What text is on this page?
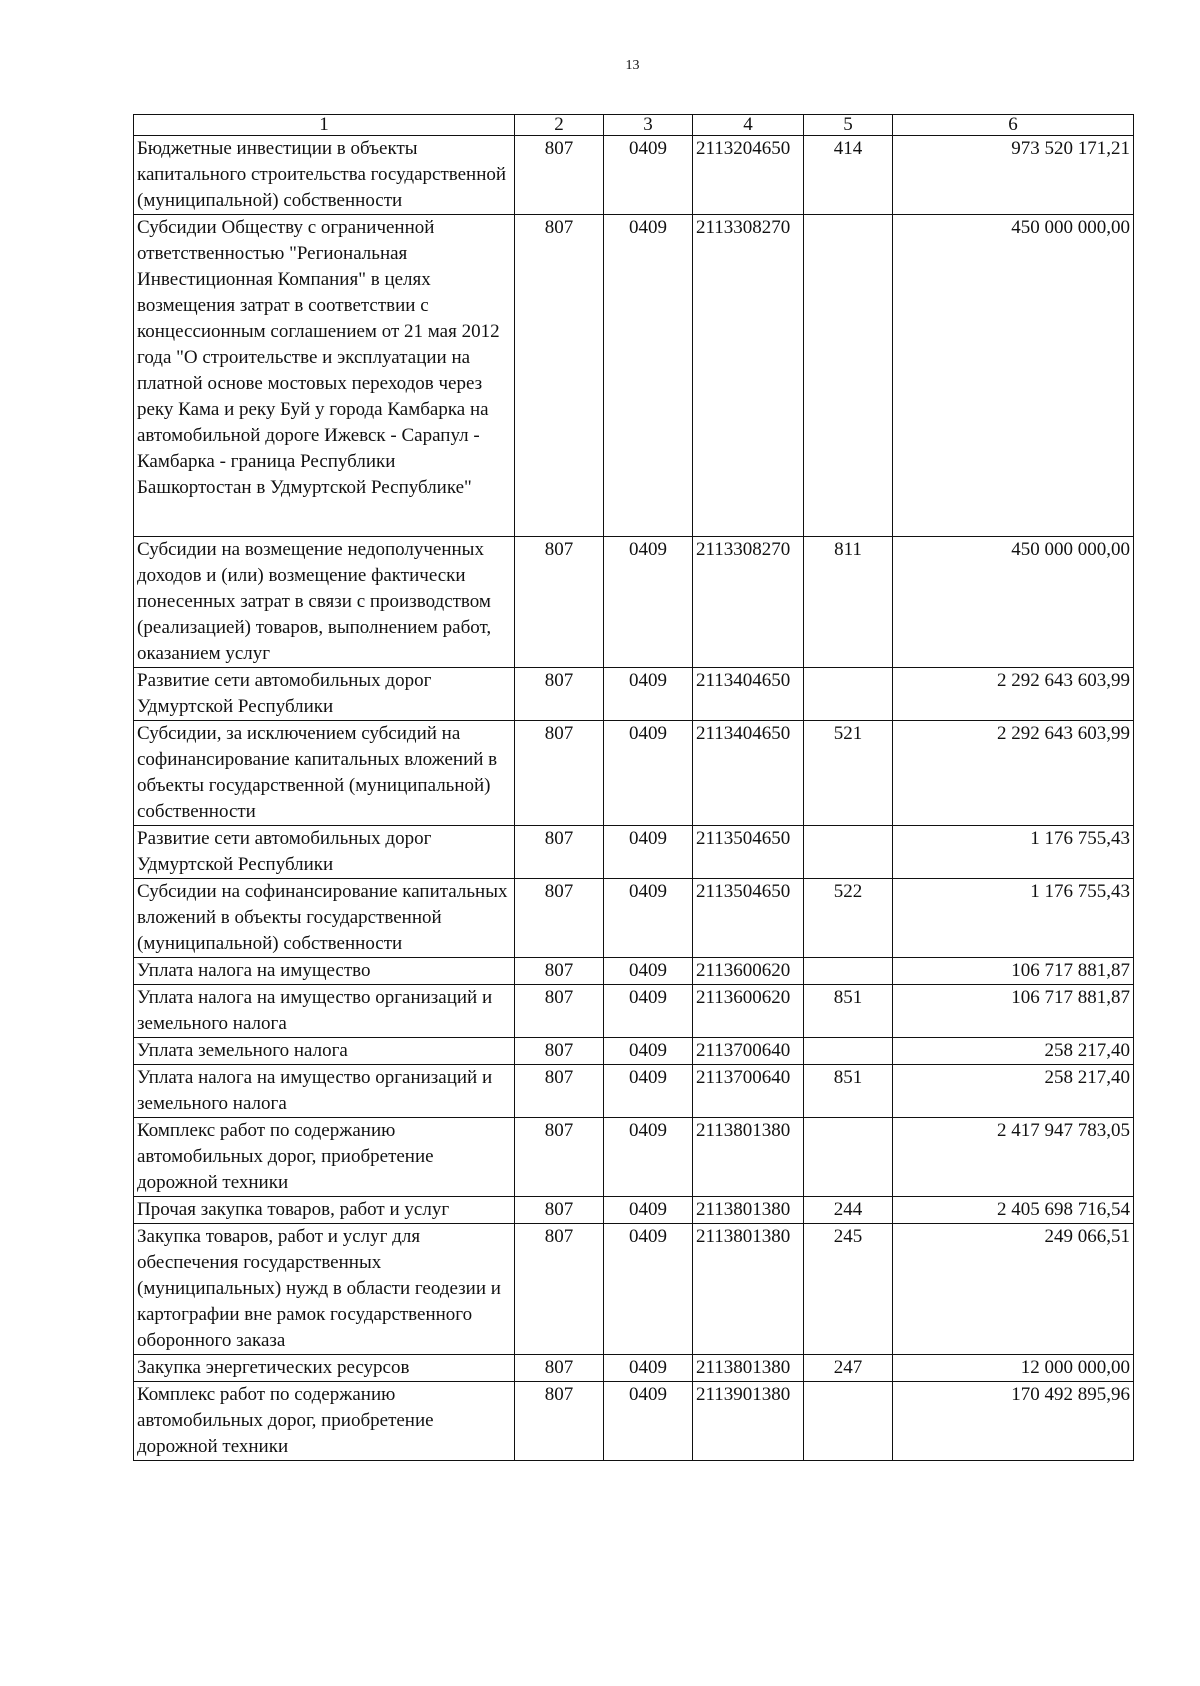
13
1	2	3	4	5	6
Бюджетные инвестиции в объекты капитального строительства государственной (муниципальной) собственности	807	0409	2113204650	414	973 520 171,21
Субсидии Обществу с ограниченной ответственностью "Региональная Инвестиционная Компания" в целях возмещения затрат в соответствии с концессионным соглашением от 21 мая 2012 года "О строительстве и эксплуатации на платной основе мостовых переходов через реку Кама и реку Буй у города Камбарка на автомобильной дороге Ижевск - Сарапул - Камбарка - граница Республики Башкортостан в Удмуртской Республике"	807	0409	2113308270		450 000 000,00
Субсидии на возмещение недополученных доходов и (или) возмещение фактически понесенных затрат в связи с производством (реализацией) товаров, выполнением работ, оказанием услуг	807	0409	2113308270	811	450 000 000,00
Развитие сети автомобильных дорог Удмуртской Республики	807	0409	2113404650		2 292 643 603,99
Субсидии, за исключением субсидий на софинансирование капитальных вложений в объекты государственной (муниципальной) собственности	807	0409	2113404650	521	2 292 643 603,99
Развитие сети автомобильных дорог Удмуртской Республики	807	0409	2113504650		1 176 755,43
Субсидии на софинансирование капитальных вложений в объекты государственной (муниципальной) собственности	807	0409	2113504650	522	1 176 755,43
Уплата налога на имущество	807	0409	2113600620		106 717 881,87
Уплата налога на имущество организаций и земельного налога	807	0409	2113600620	851	106 717 881,87
Уплата земельного налога	807	0409	2113700640		258 217,40
Уплата налога на имущество организаций и земельного налога	807	0409	2113700640	851	258 217,40
Комплекс работ по содержанию автомобильных дорог, приобретение дорожной техники	807	0409	2113801380		2 417 947 783,05
Прочая закупка товаров, работ и услуг	807	0409	2113801380	244	2 405 698 716,54
Закупка товаров, работ и услуг для обеспечения государственных (муниципальных) нужд в области геодезии и картографии вне рамок государственного оборонного заказа	807	0409	2113801380	245	249 066,51
Закупка энергетических ресурсов	807	0409	2113801380	247	12 000 000,00
Комплекс работ по содержанию автомобильных дорог, приобретение дорожной техники	807	0409	2113901380		170 492 895,96
